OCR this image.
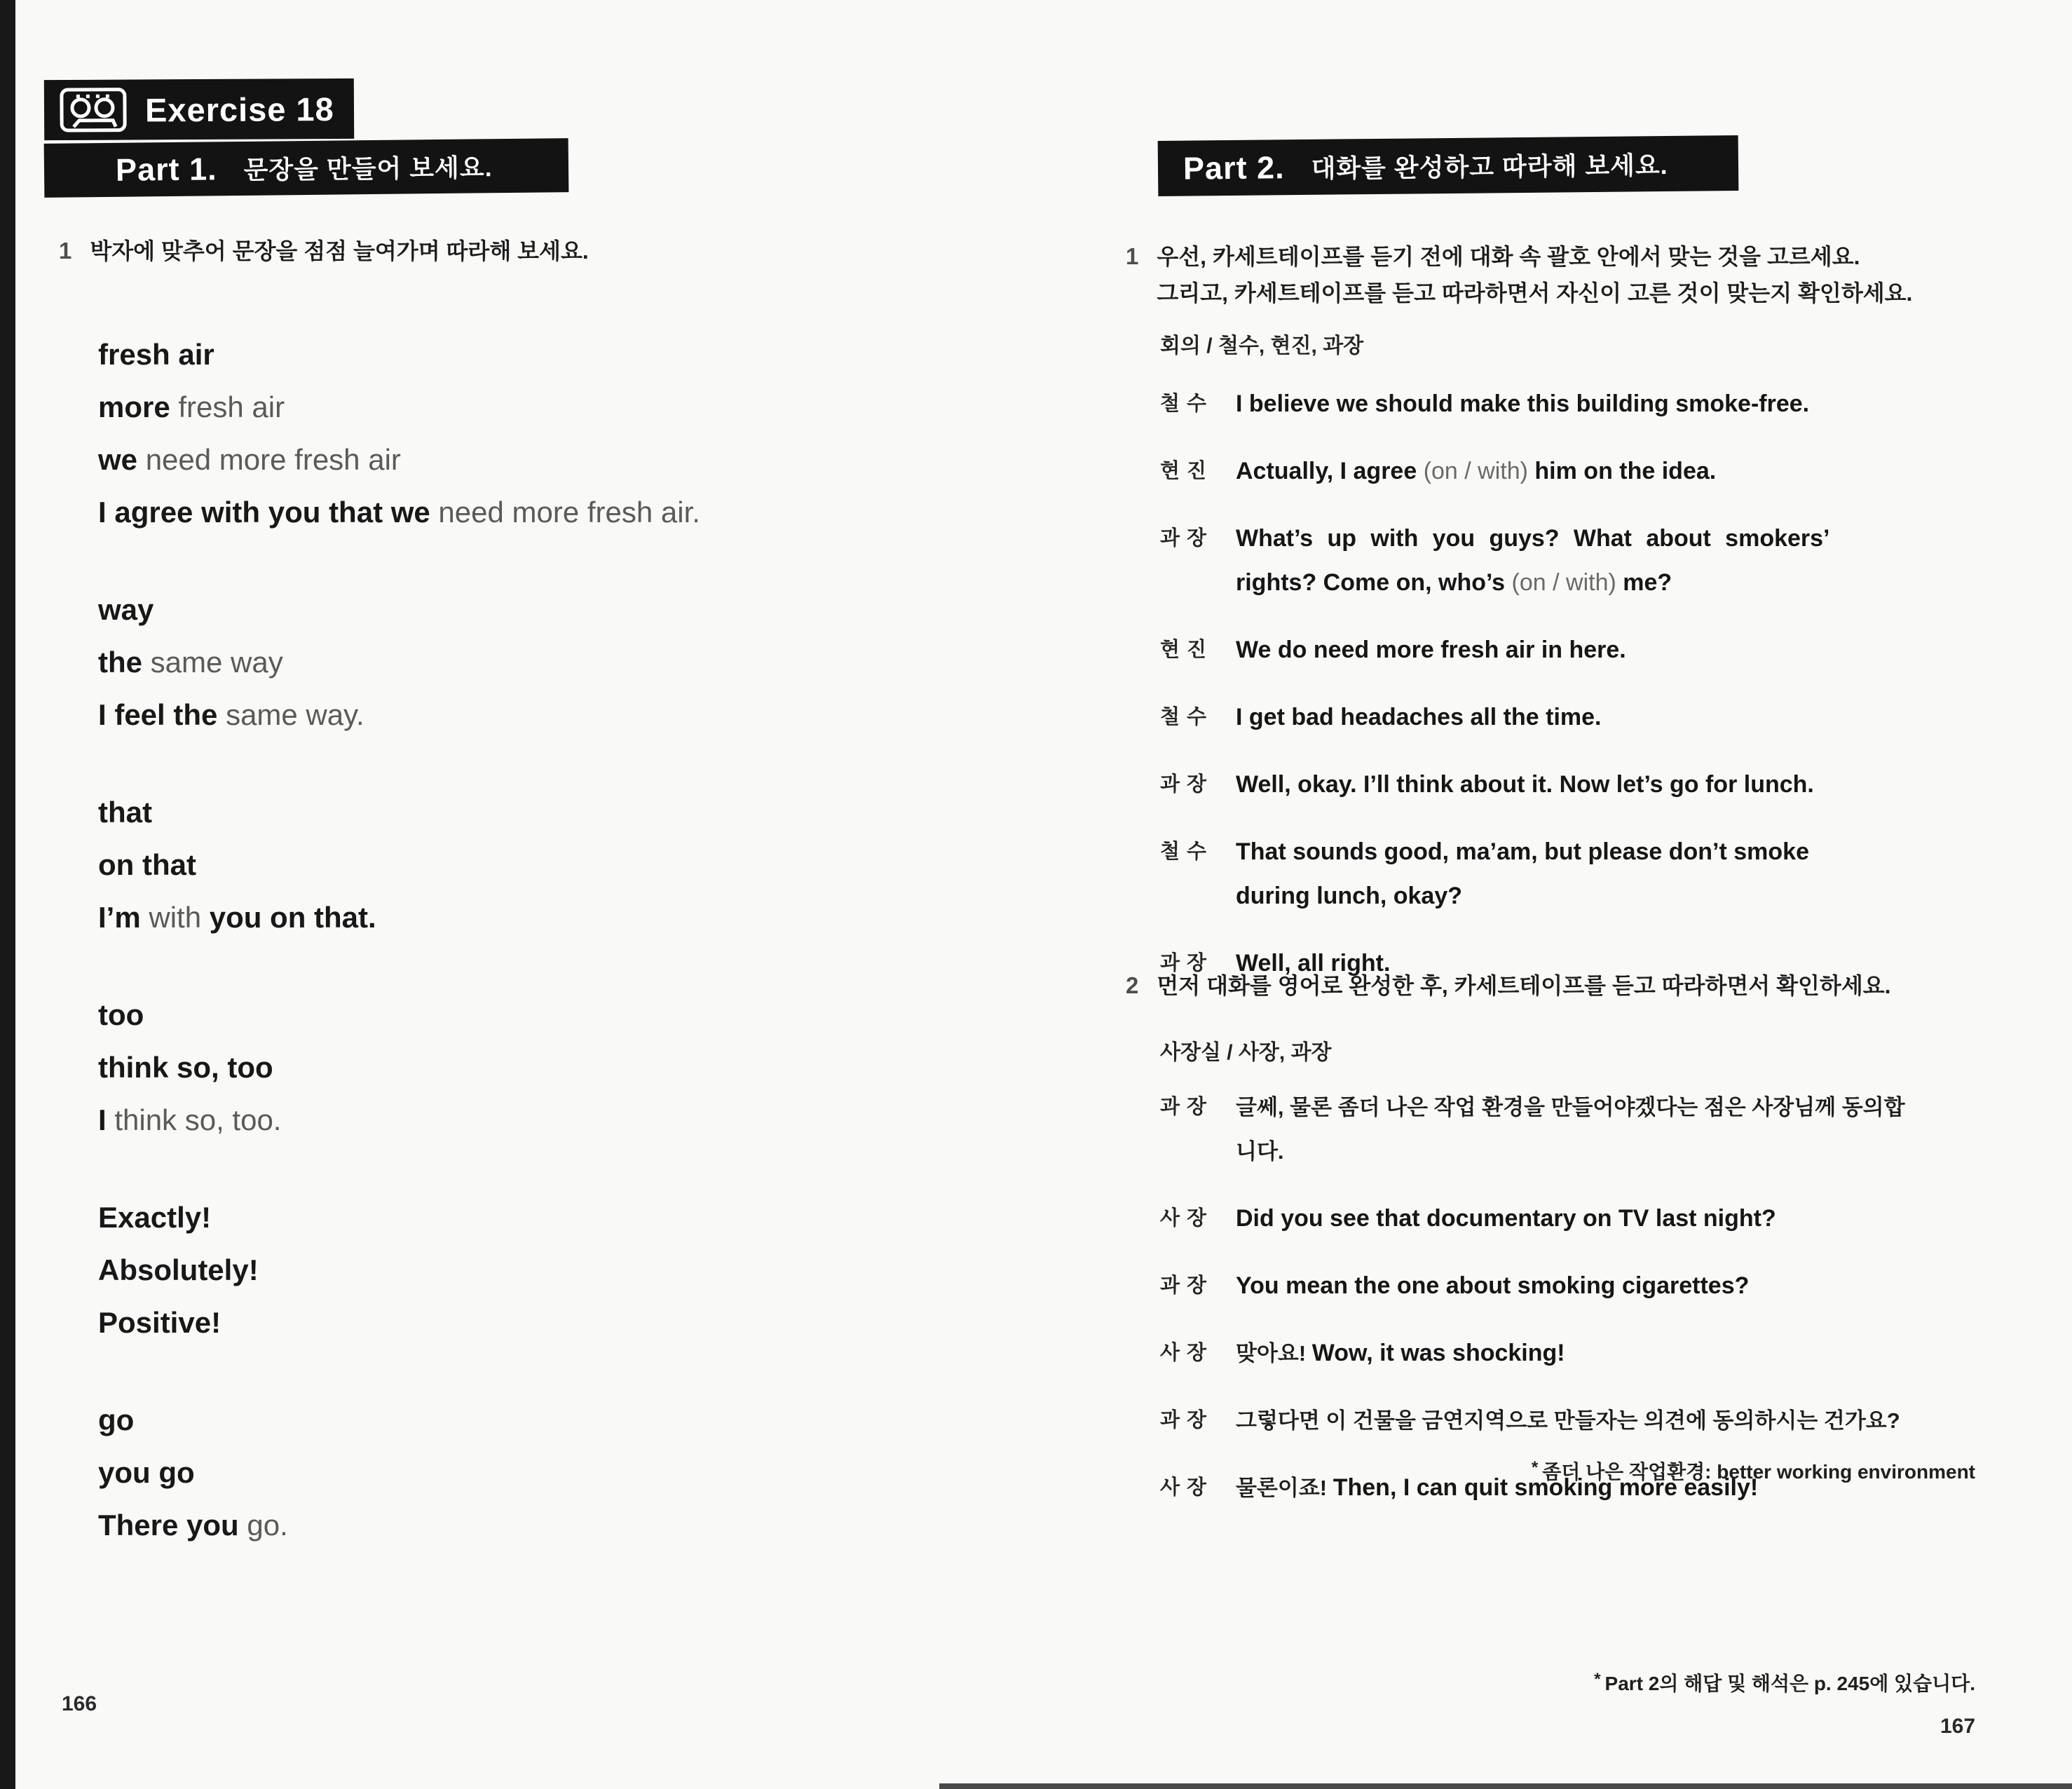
Exercise 18
Part 1. 문장을 만들어 보세요.
1 박자에 맞추어 문장을 점점 늘여가며 따라해 보세요.
fresh air
more fresh air
we need more fresh air
I agree with you that we need more fresh air.
way
the same way
I feel the same way.
that
on that
I’m with you on that.
too
think so, too
I think so, too.
Exactly!
Absolutely!
Positive!
go
you go
There you go.
166
Part 2. 대화를 완성하고 따라해 보세요.
1 우선, 카세트테이프를 듣기 전에 대화 속 괄호 안에서 맞는 것을 고르세요.
그리고, 카세트테이프를 듣고 따라하면서 자신이 고른 것이 맞는지 확인하세요.
회의 / 철수, 현진, 과장
철수 I believe we should make this building smoke-free.
현진 Actually, I agree (on / with) him on the idea.
과장 What’s up with you guys? What about smokers’
rights? Come on, who’s (on / with) me?
현진 We do need more fresh air in here.
철수 I get bad headaches all the time.
과장 Well, okay. I’ll think about it. Now let’s go for lunch.
철수 That sounds good, ma’am, but please don’t smoke
during lunch, okay?
과장 Well, all right.
2 먼저 대화를 영어로 완성한 후, 카세트테이프를 듣고 따라하면서 확인하세요.
사장실 / 사장, 과장
과장	글쎄, 물론 좀더 나은 작업 환경을 만들어야겠다는 점은 사장님께 동의합
니다.
사장 Did you see that documentary on TV last night?
과장 You mean the one about smoking cigarettes?
사장	맞아요! Wow, it was shocking!
과장	그렇다면 이 건물을 금연지역으로 만들자는 의견에 동의하시는 건가요?
사장	물론이죠! Then, I can quit smoking more easily!
* 좀더 나은 작업환경: better working environment
* Part 2의 해답 및 해석은 p. 245에 있습니다.
167
